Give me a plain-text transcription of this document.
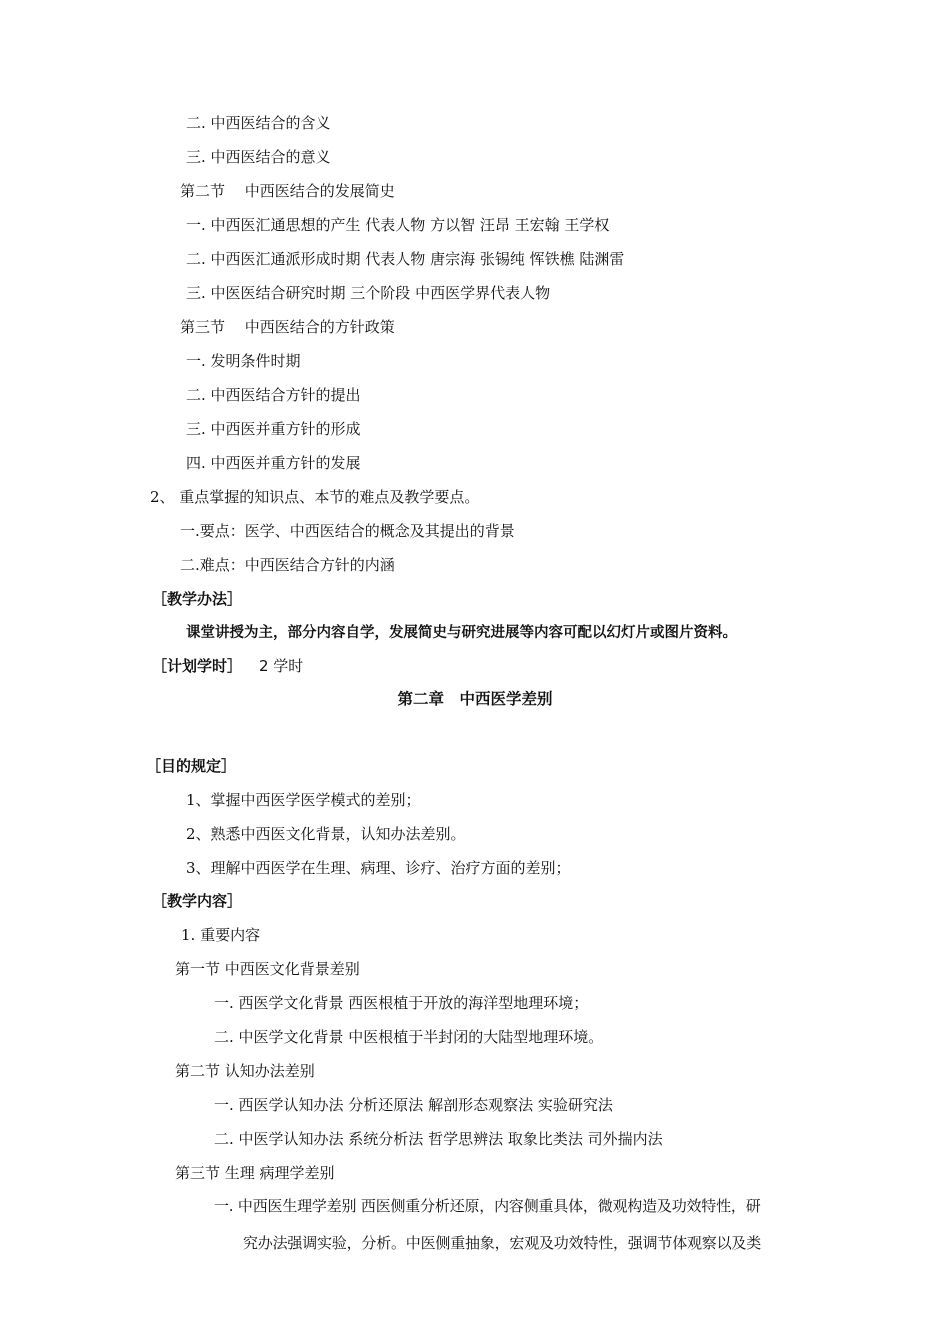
二. 中西医结合的含义
三. 中西医结合的意义
第二节　 中西医结合的发展简史
一. 中西医汇通思想的产生 代表人物 方以智 汪昂 王宏翰 王学权
二. 中西医汇通派形成时期 代表人物 唐宗海 张锡纯 恽铁樵 陆渊雷
三. 中医医结合研究时期 三个阶段 中西医学界代表人物
第三节　 中西医结合的方针政策
一. 发明条件时期
二. 中西医结合方针的提出
三. 中西医并重方针的形成
四. 中西医并重方针的发展
2、 重点掌握的知识点、本节的难点及教学要点。
一.要点：医学、中西医结合的概念及其提出的背景
二.难点：中西医结合方针的内涵
［教学办法］
课堂讲授为主，部分内容自学，发展简史与研究进展等内容可配以幻灯片或图片资料。
［计划学时］ 2 学时
第二章　中西医学差别
［目的规定］
1、掌握中西医学医学模式的差别；
2、熟悉中西医文化背景，认知办法差别。
3、理解中西医学在生理、病理、诊疗、治疗方面的差别；
［教学内容］
1. 重要内容
第一节 中西医文化背景差别
一. 西医学文化背景 西医根植于开放的海洋型地理环境；
二. 中医学文化背景 中医根植于半封闭的大陆型地理环境。
第二节 认知办法差别
一. 西医学认知办法 分析还原法 解剖形态观察法 实验研究法
二. 中医学认知办法 系统分析法 哲学思辨法 取象比类法 司外揣内法
第三节 生理 病理学差别
一. 中西医生理学差别 西医侧重分析还原，内容侧重具体，微观构造及功效特性，研
究办法强调实验，分析。中医侧重抽象，宏观及功效特性，强调节体观察以及类
